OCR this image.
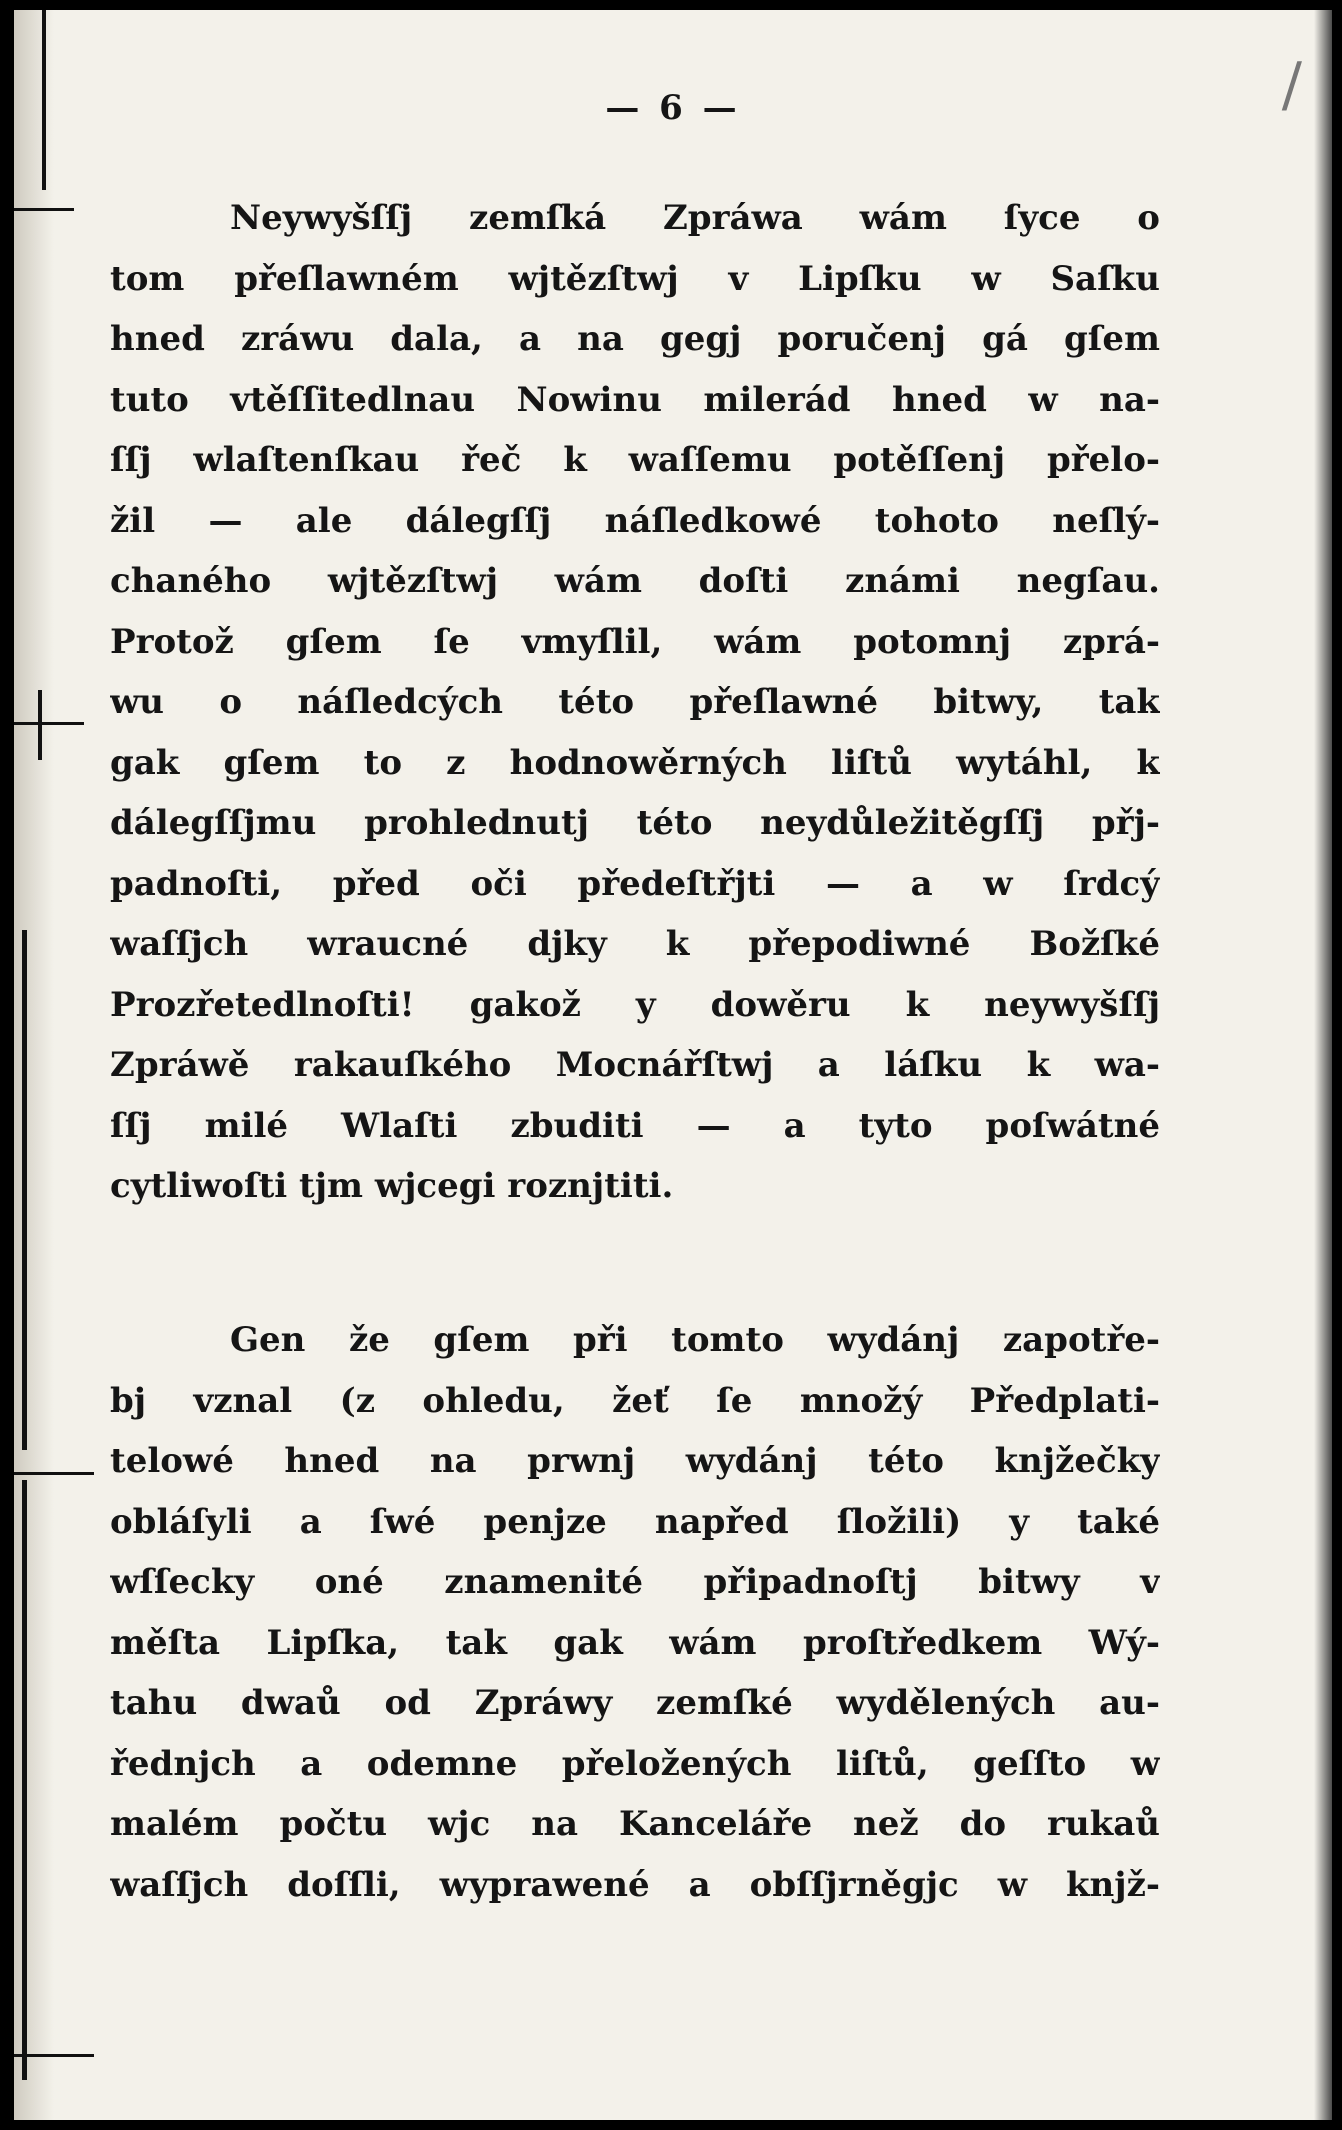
/
— 6 —
Neywyšſſj zemſká Zpráwa wám ſyce o
tom přeſlawném wjtězſtwj v Lipſku w Saſku
hned zráwu dala, a na gegj poručenj gá gſem
tuto vtěſſitedlnau Nowinu milerád hned w na-
ſſj wlaſtenſkau řeč k waſſemu potěſſenj přelo-
žil — ale dálegſſj náſledkowé tohoto neſlý-
chaného wjtězſtwj wám doſti známi negſau.
Protož gſem ſe vmyſlil, wám potomnj zprá-
wu o náſledcých této přeſlawné bitwy, tak
gak gſem to z hodnowěrných liſtů wytáhl, k
dálegſſjmu prohlednutj této neydůležitěgſſj přj-
padnoſti, před oči předeſtřjti — a w ſrdcý
waſſjch wraucné djky k přepodiwné Božſké
Prozřetedlnoſti! gakož y dowěru k neywyšſſj
Zpráwě rakauſkého Mocnářſtwj a láſku k wa-
ſſj milé Wlaſti zbuditi — a tyto poſwátné
cytliwoſti tjm wjcegi roznjtiti.
Gen že gſem při tomto wydánj zapotře-
bj vznal (z ohledu, žeť ſe množý Předplati-
telowé hned na prwnj wydánj této knjžečky
obláſyli a ſwé penjze napřed ſložili) y také
wſſecky oné znamenité připadnoſtj bitwy v
měſta Lipſka, tak gak wám proſtředkem Wý-
tahu dwaů od Zpráwy zemſké wydělených au-
řednjch a odemne přeložených liſtů, geſſto w
malém počtu wjc na Kanceláře než do rukaů
waſſjch doſſli, wyprawené a obſſjrněgjc w knjž-
